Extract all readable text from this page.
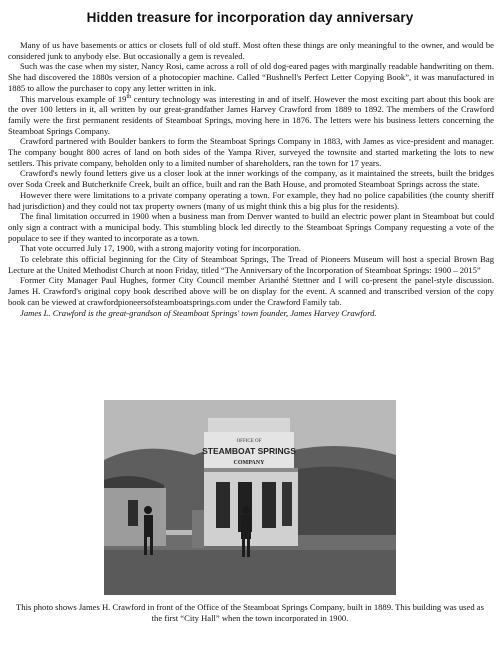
Hidden treasure for incorporation day anniversary

Many of us have basements or attics or closets full of old stuff. Most often these things are only meaningful to the owner, and would be considered junk to anybody else. But occasionally a gem is revealed.

Such was the case when my sister, Nancy Rosi, came across a roll of old dog-eared pages with marginally readable handwriting on them. She had discovered the 1880s version of a photocopier machine. Called “Bushnell's Perfect Letter Copying Book”, it was manufactured in 1885 to allow the purchaser to copy any letter written in ink.

This marvelous example of 19th century technology was interesting in and of itself. However the most exciting part about this book are the over 100 letters in it, all written by our great-grandfather James Harvey Crawford from 1889 to 1892. The members of the Crawford family were the first permanent residents of Steamboat Springs, moving here in 1876. The letters were his business letters concerning the Steamboat Springs Company.

Crawford partnered with Boulder bankers to form the Steamboat Springs Company in 1883, with James as vice-president and manager. The company bought 800 acres of land on both sides of the Yampa River, surveyed the townsite and started marketing the lots to new settlers. This private company, beholden only to a limited number of shareholders, ran the town for 17 years.

Crawford's newly found letters give us a closer look at the inner workings of the company, as it maintained the streets, built the bridges over Soda Creek and Butcherknife Creek, built an office, built and ran the Bath House, and promoted Steamboat Springs across the state.

However there were limitations to a private company operating a town. For example, they had no police capabilities (the county sheriff had jurisdiction) and they could not tax property owners (many of us might think this a big plus for the residents).

The final limitation occurred in 1900 when a business man from Denver wanted to build an electric power plant in Steamboat but could only sign a contract with a municipal body. This stumbling block led directly to the Steamboat Springs Company requesting a vote of the populace to see if they wanted to incorporate as a town.

That vote occurred July 17, 1900, with a strong majority voting for incorporation.

To celebrate this official beginning for the City of Steamboat Springs, The Tread of Pioneers Museum will host a special Brown Bag Lecture at the United Methodist Church at noon Friday, titled “The Anniversary of the Incorporation of Steamboat Springs: 1900 – 2015”

Former City Manager Paul Hughes, former City Council member Arianthé Stettner and I will co-present the panel-style discussion. James H. Crawford's original copy book described above will be on display for the event. A scanned and transcribed version of the copy book can be viewed at crawfordpioneersofsteamboatsprings.com under the Crawford Family tab.

James L. Crawford is the great-grandson of Steamboat Springs' town founder, James Harvey Crawford.

OFFICE OF
STEAMBOAT SPRINGS
COMPANY
This photo shows James H. Crawford in front of the Office of the Steamboat Springs Company, built in 1889. This building was used as the first “City Hall” when the town incorporated in 1900.
